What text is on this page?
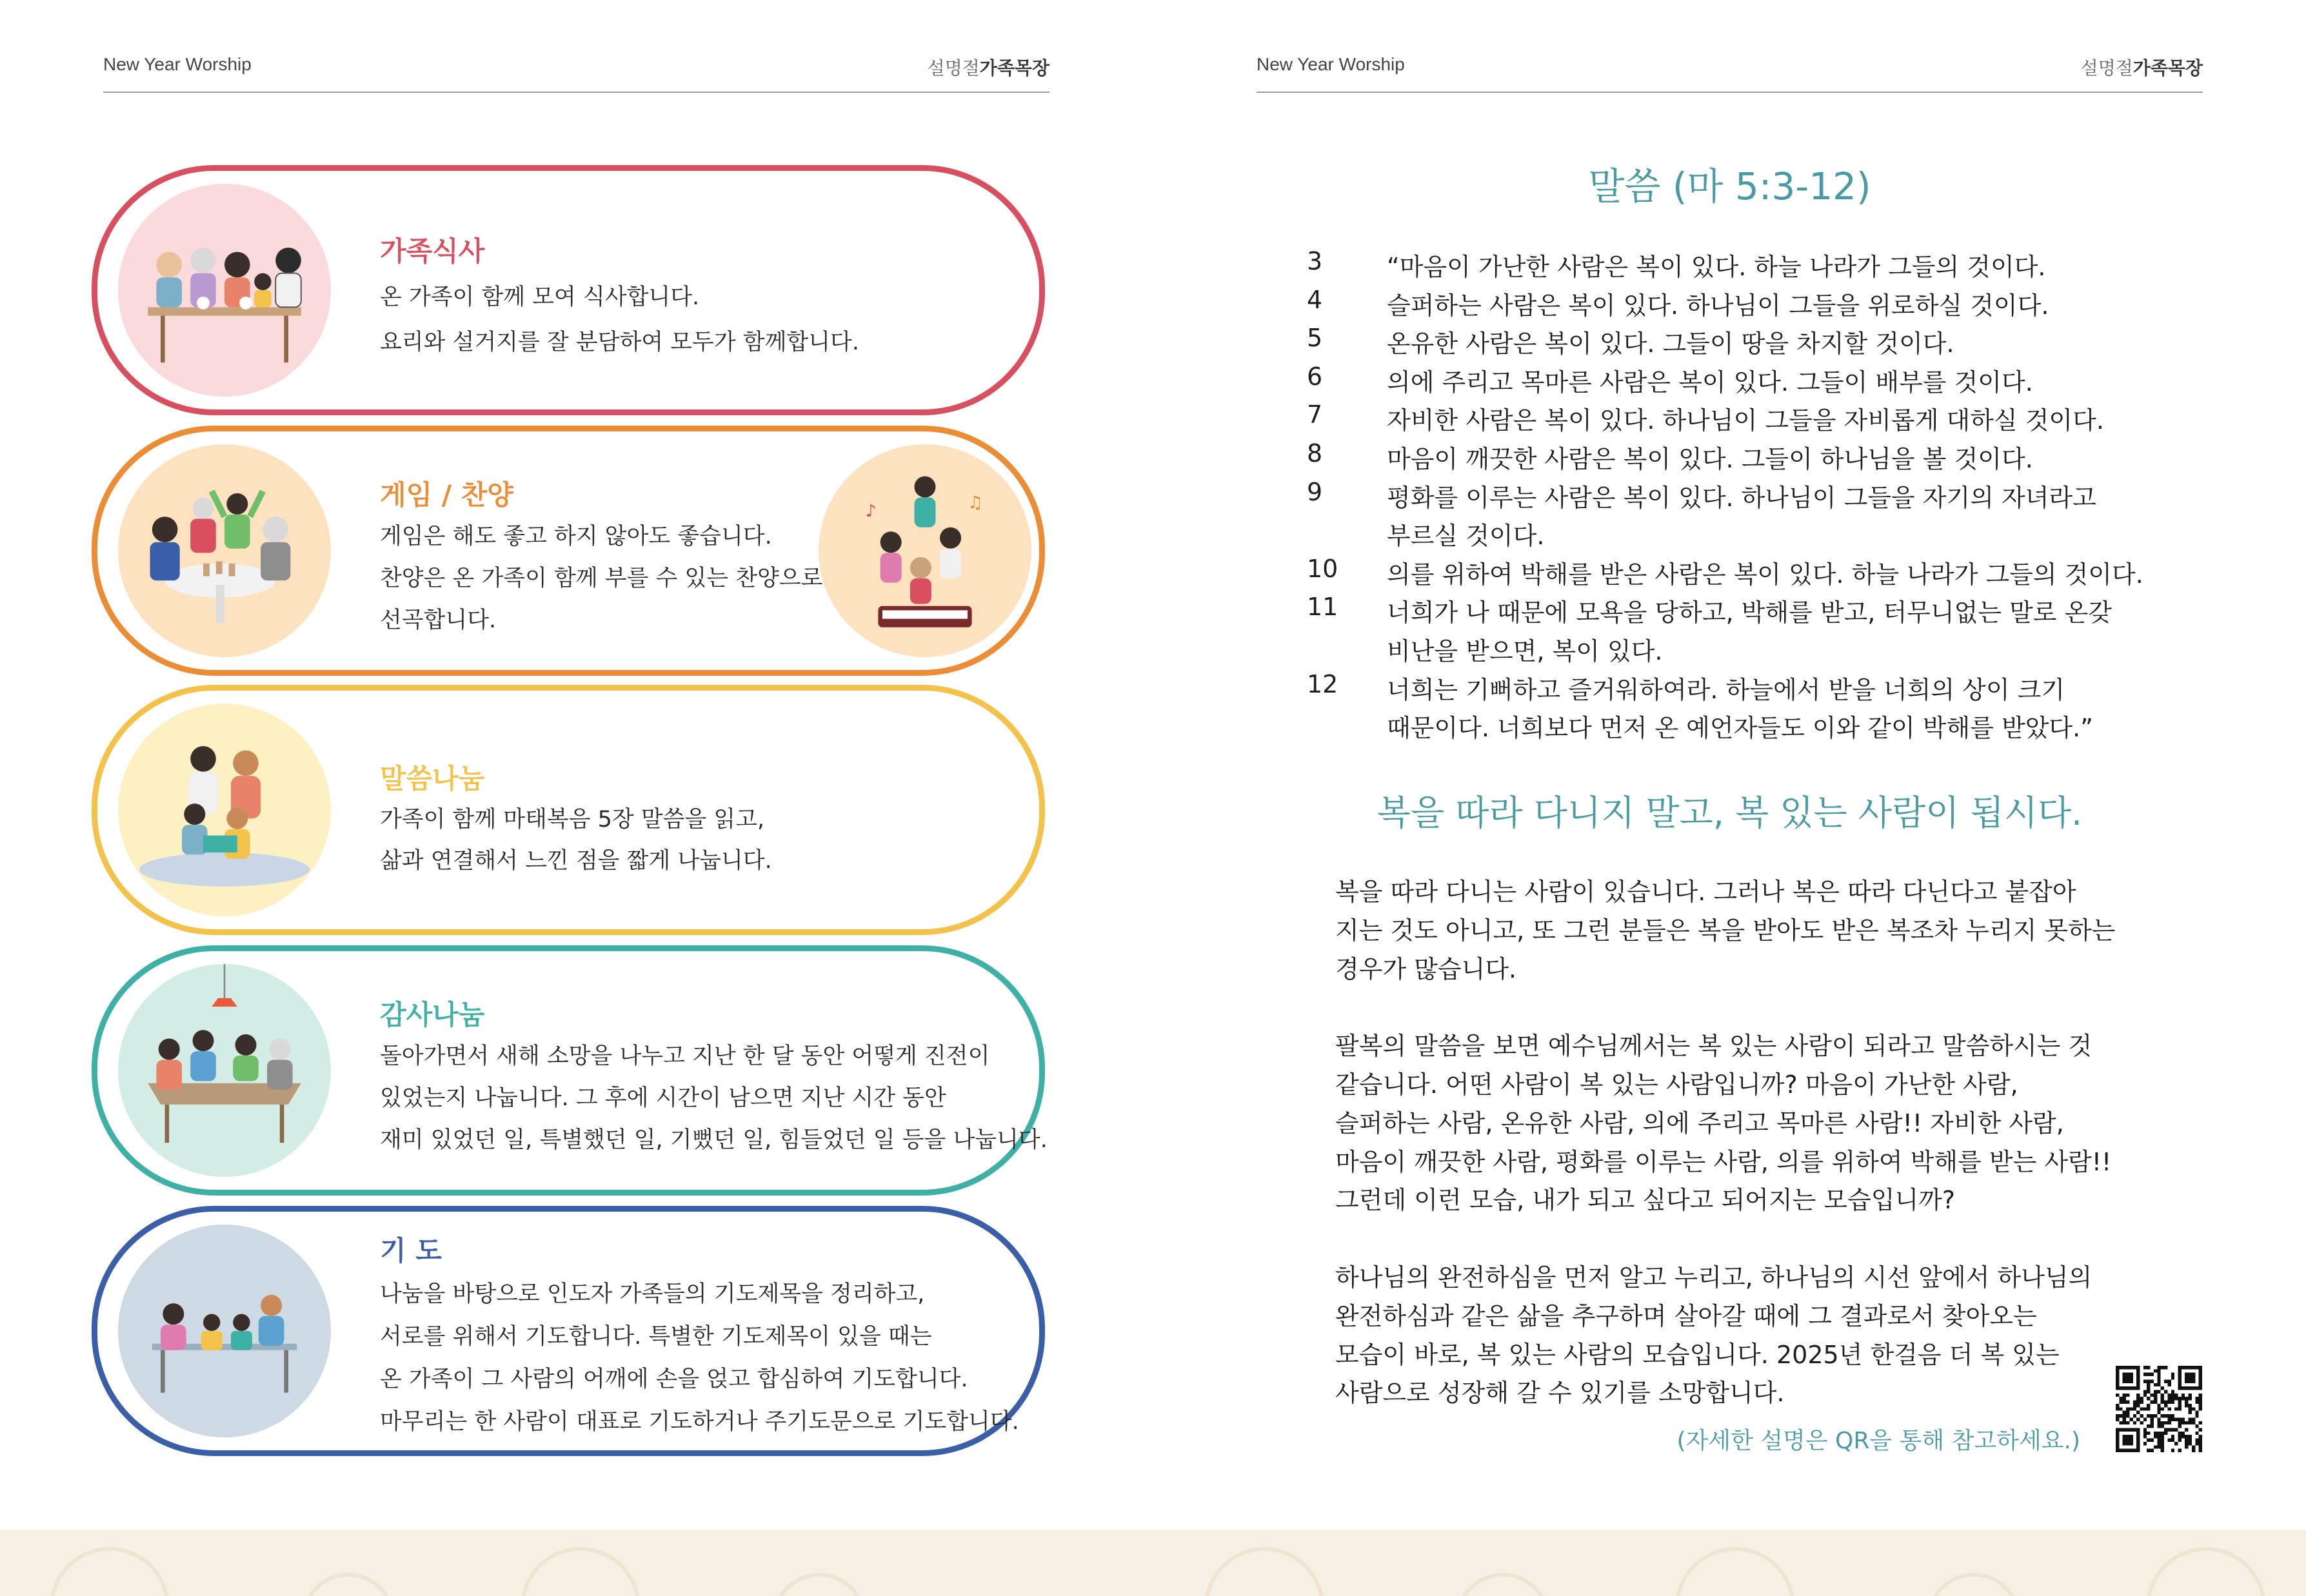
New Year Worship	설명절가족목장
가족식사
온 가족이 함께 모여 식사합니다.
요리와 설거지를 잘 분담하여 모두가 함께합니다.
♪	♫
게임 / 찬양
게임은 해도 좋고 하지 않아도 좋습니다.
찬양은 온 가족이 함께 부를 수 있는 찬양으로
선곡합니다.
말씀나눔
가족이 함께 마태복음 5장 말씀을 읽고,
삶과 연결해서 느낀 점을 짧게 나눕니다.
감사나눔
돌아가면서 새해 소망을 나누고 지난 한 달 동안 어떻게 진전이
있었는지 나눕니다. 그 후에 시간이 남으면 지난 시간 동안
재미 있었던 일, 특별했던 일, 기뻤던 일, 힘들었던 일 등을 나눕니다.
기 도
나눔을 바탕으로 인도자 가족들의 기도제목을 정리하고,
서로를 위해서 기도합니다. 특별한 기도제목이 있을 때는
온 가족이 그 사람의 어깨에 손을 얹고 합심하여 기도합니다.
마무리는 한 사람이 대표로 기도하거나 주기도문으로 기도합니다.
New Year Worship	설명절가족목장
말씀 (마 5:3-12)
3	“마음이 가난한 사람은 복이 있다. 하늘 나라가 그들의 것이다.
4	슬퍼하는 사람은 복이 있다. 하나님이 그들을 위로하실 것이다.
5	온유한 사람은 복이 있다. 그들이 땅을 차지할 것이다.
6	의에 주리고 목마른 사람은 복이 있다. 그들이 배부를 것이다.
7	자비한 사람은 복이 있다. 하나님이 그들을 자비롭게 대하실 것이다.
8	마음이 깨끗한 사람은 복이 있다. 그들이 하나님을 볼 것이다.
9	평화를 이루는 사람은 복이 있다. 하나님이 그들을 자기의 자녀라고
부르실 것이다.
10 의를 위하여 박해를 받은 사람은 복이 있다. 하늘 나라가 그들의 것이다.
11 너희가 나 때문에 모욕을 당하고, 박해를 받고, 터무니없는 말로 온갖
비난을 받으면, 복이 있다.
12 너희는 기뻐하고 즐거워하여라. 하늘에서 받을 너희의 상이 크기
때문이다. 너희보다 먼저 온 예언자들도 이와 같이 박해를 받았다.”
복을 따라 다니지 말고, 복 있는 사람이 됩시다.
복을 따라 다니는 사람이 있습니다. 그러나 복은 따라 다닌다고 붙잡아
지는 것도 아니고, 또 그런 분들은 복을 받아도 받은 복조차 누리지 못하는
경우가 많습니다.
팔복의 말씀을 보면 예수님께서는 복 있는 사람이 되라고 말씀하시는 것
같습니다. 어떤 사람이 복 있는 사람입니까? 마음이 가난한 사람,
슬퍼하는 사람, 온유한 사람, 의에 주리고 목마른 사람!! 자비한 사람,
마음이 깨끗한 사람, 평화를 이루는 사람, 의를 위하여 박해를 받는 사람!!
그런데 이런 모습, 내가 되고 싶다고 되어지는 모습입니까?
하나님의 완전하심을 먼저 알고 누리고, 하나님의 시선 앞에서 하나님의
완전하심과 같은 삶을 추구하며 살아갈 때에 그 결과로서 찾아오는
모습이 바로, 복 있는 사람의 모습입니다. 2025년 한걸음 더 복 있는
사람으로 성장해 갈 수 있기를 소망합니다.
(자세한 설명은 QR을 통해 참고하세요.)
